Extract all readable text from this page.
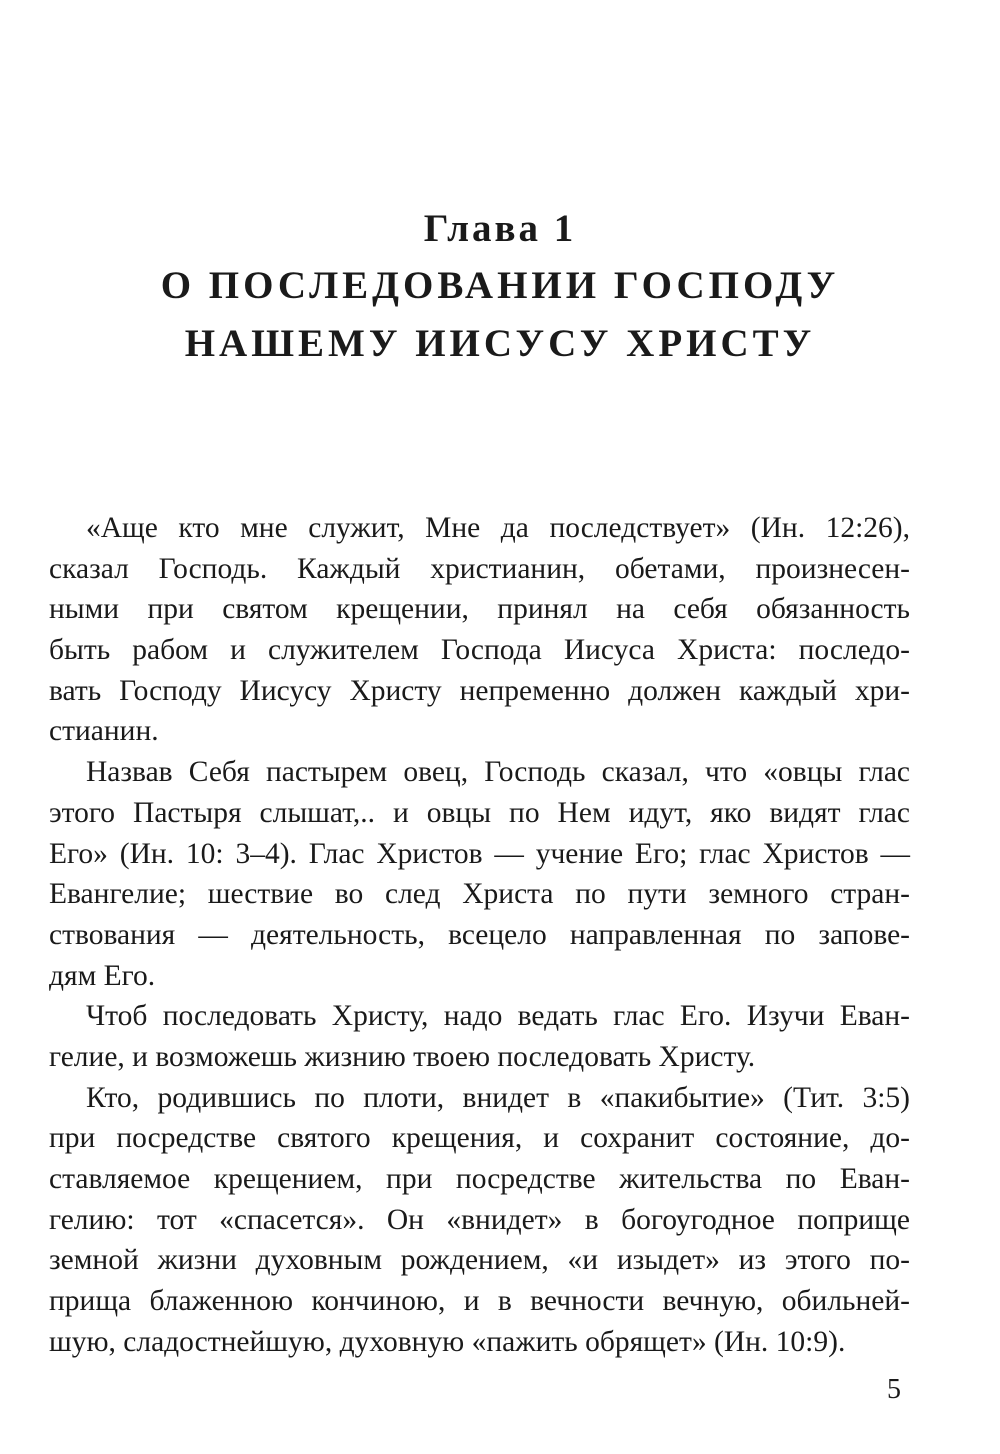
Глава 1
О ПОСЛЕДОВАНИИ ГОСПОДУ
НАШЕМУ ИИСУСУ ХРИСТУ
«Аще кто мне служит, Мне да последствует» (Ин. 12:26),
сказал Господь. Каждый христианин, обетами, произнесен-
ными при святом крещении, принял на себя обязанность
быть рабом и служителем Господа Иисуса Христа: последо-
вать Господу Иисусу Христу непременно должен каждый хри-
стианин.
Назвав Себя пастырем овец, Господь сказал, что «овцы глас
этого Пастыря слышат,.. и овцы по Нем идут, яко видят глас
Его» (Ин. 10: 3–4). Глас Христов — учение Его; глас Христов —
Евангелие; шествие во след Христа по пути земного стран-
ствования — деятельность, всецело направленная по запове-
дям Его.
Чтоб последовать Христу, надо ведать глас Его. Изучи Еван-
гелие, и возможешь жизнию твоею последовать Христу.
Кто, родившись по плоти, внидет в «пакибытие» (Тит. 3:5)
при посредстве святого крещения, и сохранит состояние, до-
ставляемое крещением, при посредстве жительства по Еван-
гелию: тот «спасется». Он «внидет» в богоугодное поприще
земной жизни духовным рождением, «и изыдет» из этого по-
прища блаженною кончиною, и в вечности вечную, обильней-
шую, сладостнейшую, духовную «пажить обрящет» (Ин. 10:9).
5
